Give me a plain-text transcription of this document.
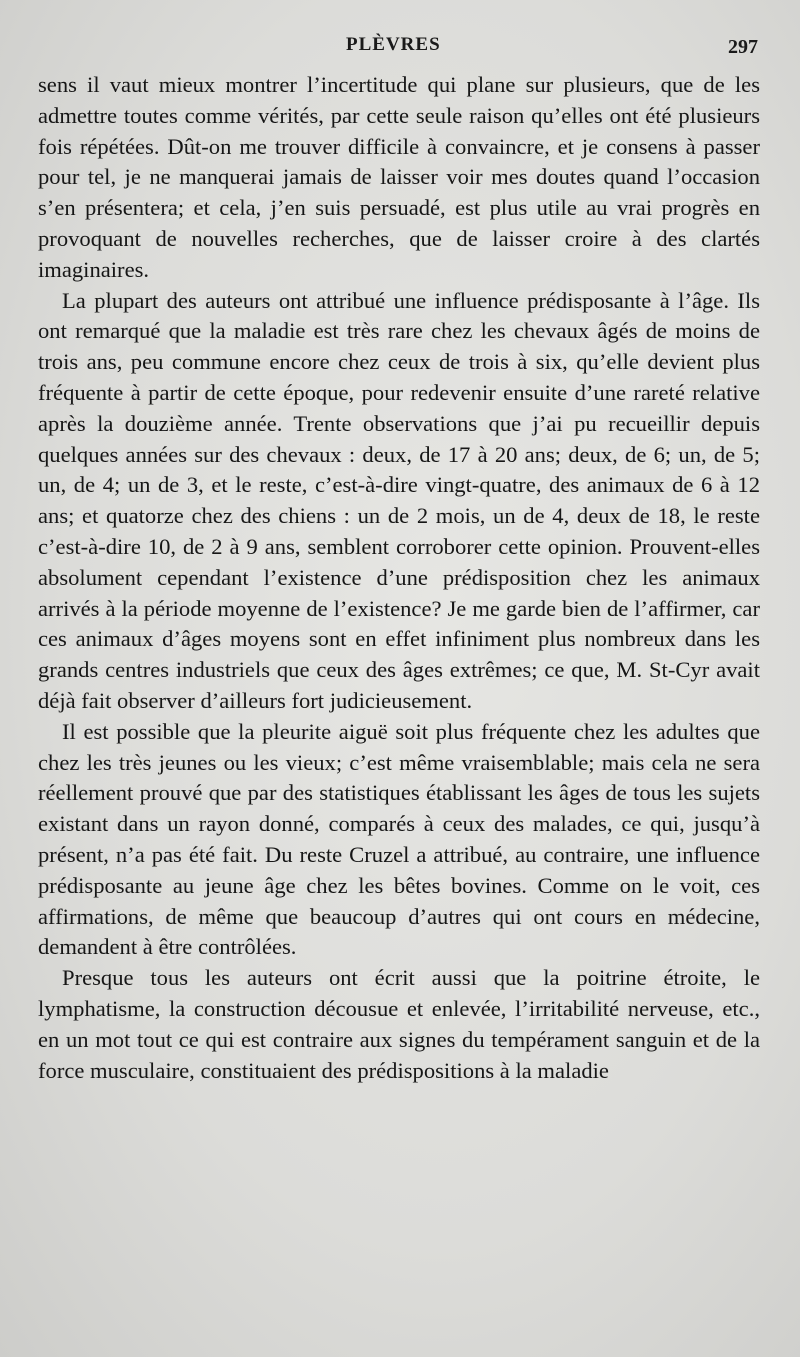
PLÈVRES	297

sens il vaut mieux montrer l’incertitude qui plane sur plusieurs, que de les admettre toutes comme vérités, par cette seule raison qu’elles ont été plusieurs fois répétées. Dût-on me trouver difficile à convaincre, et je consens à passer pour tel, je ne manquerai jamais de laisser voir mes doutes quand l’occasion s’en présentera; et cela, j’en suis persuadé, est plus utile au vrai progrès en provoquant de nouvelles recherches, que de laisser croire à des clartés imaginaires.

La plupart des auteurs ont attribué une influence prédisposante à l’âge. Ils ont remarqué que la maladie est très rare chez les chevaux âgés de moins de trois ans, peu commune encore chez ceux de trois à six, qu’elle devient plus fréquente à partir de cette époque, pour redevenir ensuite d’une rareté relative après la douzième année. Trente observations que j’ai pu recueillir depuis quelques années sur des chevaux : deux, de 17 à 20 ans; deux, de 6; un, de 5; un, de 4; un de 3, et le reste, c’est-à-dire vingt-quatre, des animaux de 6 à 12 ans; et quatorze chez des chiens : un de 2 mois, un de 4, deux de 18, le reste c’est-à-dire 10, de 2 à 9 ans, semblent corroborer cette opinion. Prouvent-elles absolument cependant l’existence d’une prédisposition chez les animaux arrivés à la période moyenne de l’existence? Je me garde bien de l’affirmer, car ces animaux d’âges moyens sont en effet infiniment plus nombreux dans les grands centres industriels que ceux des âges extrêmes; ce que, M. St-Cyr avait déjà fait observer d’ailleurs fort judicieusement.

Il est possible que la pleurite aiguë soit plus fréquente chez les adultes que chez les très jeunes ou les vieux; c’est même vraisemblable; mais cela ne sera réellement prouvé que par des statistiques établissant les âges de tous les sujets existant dans un rayon donné, comparés à ceux des malades, ce qui, jusqu’à présent, n’a pas été fait. Du reste Cruzel a attribué, au contraire, une influence prédisposante au jeune âge chez les bêtes bovines. Comme on le voit, ces affirmations, de même que beaucoup d’autres qui ont cours en médecine, demandent à être contrôlées.

Presque tous les auteurs ont écrit aussi que la poitrine étroite, le lymphatisme, la construction décousue et enlevée, l’irritabilité nerveuse, etc., en un mot tout ce qui est contraire aux signes du tempérament sanguin et de la force musculaire, constituaient des prédispositions à la maladie
